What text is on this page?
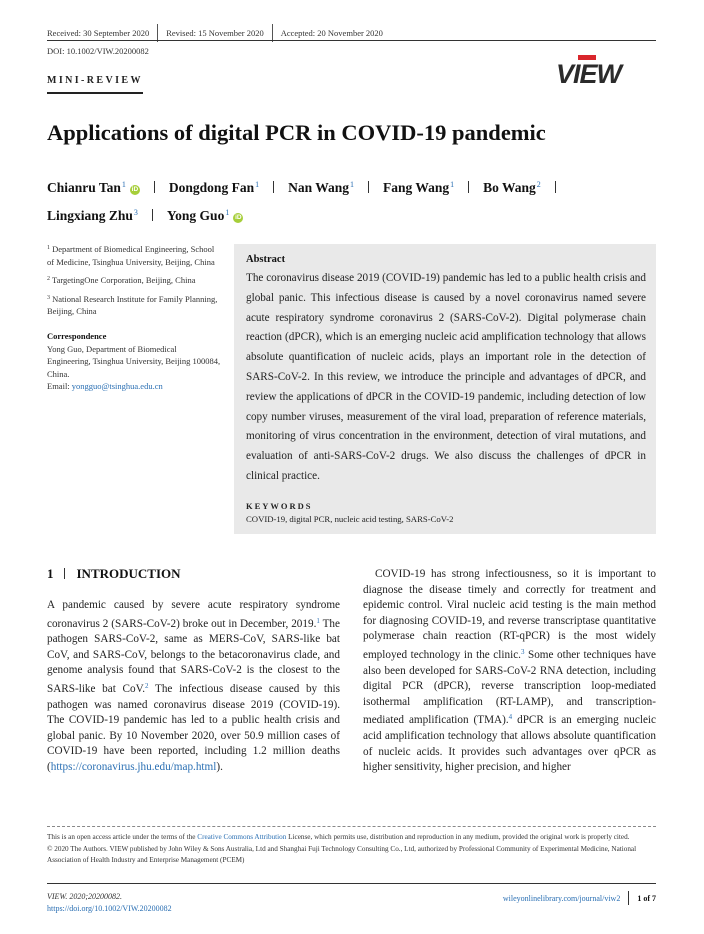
Received: 30 September 2020	Revised: 15 November 2020	Accepted: 20 November 2020
DOI: 10.1002/VIW.20200082
MINI-REVIEW	VIEW
Applications of digital PCR in COVID-19 pandemic
Chianru Tan$^1$iD Dongdong Fan$^1$ Nan Wang$^1$ Fang Wang$^1$ Bo Wang$^2$
Lingxiang Zhu$^3$ Yong Guo$^1$iD

$^1$ Department of Biomedical Engineering, School of Medicine, Tsinghua University, Beijing, China

$^2$ TargetingOne Corporation, Beijing, China

$^3$ National Research Institute for Family Planning, Beijing, China

Correspondence
Yong Guo, Department of Biomedical Engineering, Tsinghua University, Beijing 100084, China.
Email: yongguo@tsinghua.edu.cn
Abstract
The coronavirus disease 2019 (COVID-19) pandemic has led to a public health crisis and global panic. This infectious disease is caused by a novel coronavirus named severe acute respiratory syndrome coronavirus 2 (SARS-CoV-2). Digital polymerase chain reaction (dPCR), which is an emerging nucleic acid amplification technology that allows absolute quantification of nucleic acids, plays an important role in the detection of SARS-CoV-2. In this review, we introduce the principle and advantages of dPCR, and review the applications of dPCR in the COVID-19 pandemic, including detection of low copy number viruses, measurement of the viral load, preparation of reference materials, monitoring of virus concentration in the environment, detection of viral mutations, and evaluation of anti-SARS-CoV-2 drugs. We also discuss the challenges of dPCR in clinical practice.
KEYWORDS
COVID-19, digital PCR, nucleic acid testing, SARS-CoV-2
1 INTRODUCTION
A pandemic caused by severe acute respiratory syndrome coronavirus 2 (SARS-CoV-2) broke out in December, 2019.$^1$ The pathogen SARS-CoV-2, same as MERS-CoV, SARS-like bat CoV, and SARS-CoV, belongs to the betacoronavirus clade, and genome analysis found that SARS-CoV-2 is the closest to the SARS-like bat CoV.$^2$ The infectious disease caused by this pathogen was named coronavirus disease 2019 (COVID-19). The COVID-19 pandemic has led to a public health crisis and global panic. By 10 November 2020, over 50.9 million cases of COVID-19 have been reported, including 1.2 million deaths (https://coronavirus.jhu.edu/map.html).
COVID-19 has strong infectiousness, so it is important to diagnose the disease timely and correctly for treatment and epidemic control. Viral nucleic acid testing is the main method for diagnosing COVID-19, and reverse transcriptase quantitative polymerase chain reaction (RT-qPCR) is the most widely employed technology in the clinic.$^3$ Some other techniques have also been developed for SARS-CoV-2 RNA detection, including digital PCR (dPCR), reverse transcription loop-mediated isothermal amplification (RT-LAMP), and transcription-mediated amplification (TMA).$^4$ dPCR is an emerging nucleic acid amplification technology that allows absolute quantification of nucleic acids. It provides such advantages over qPCR as higher sensitivity, higher precision, and higher

This is an open access article under the terms of the Creative Commons Attribution License, which permits use, distribution and reproduction in any medium, provided the original work is properly cited.

© 2020 The Authors. VIEW published by John Wiley & Sons Australia, Ltd and Shanghai Fuji Technology Consulting Co., Ltd, authorized by Professional Community of Experimental Medicine, National Association of Health Industry and Enterprise Management (PCEM)

VIEW. 2020;20200082.
https://doi.org/10.1002/VIW.20200082
wileyonlinelibrary.com/journal/viw2 1 of 7
